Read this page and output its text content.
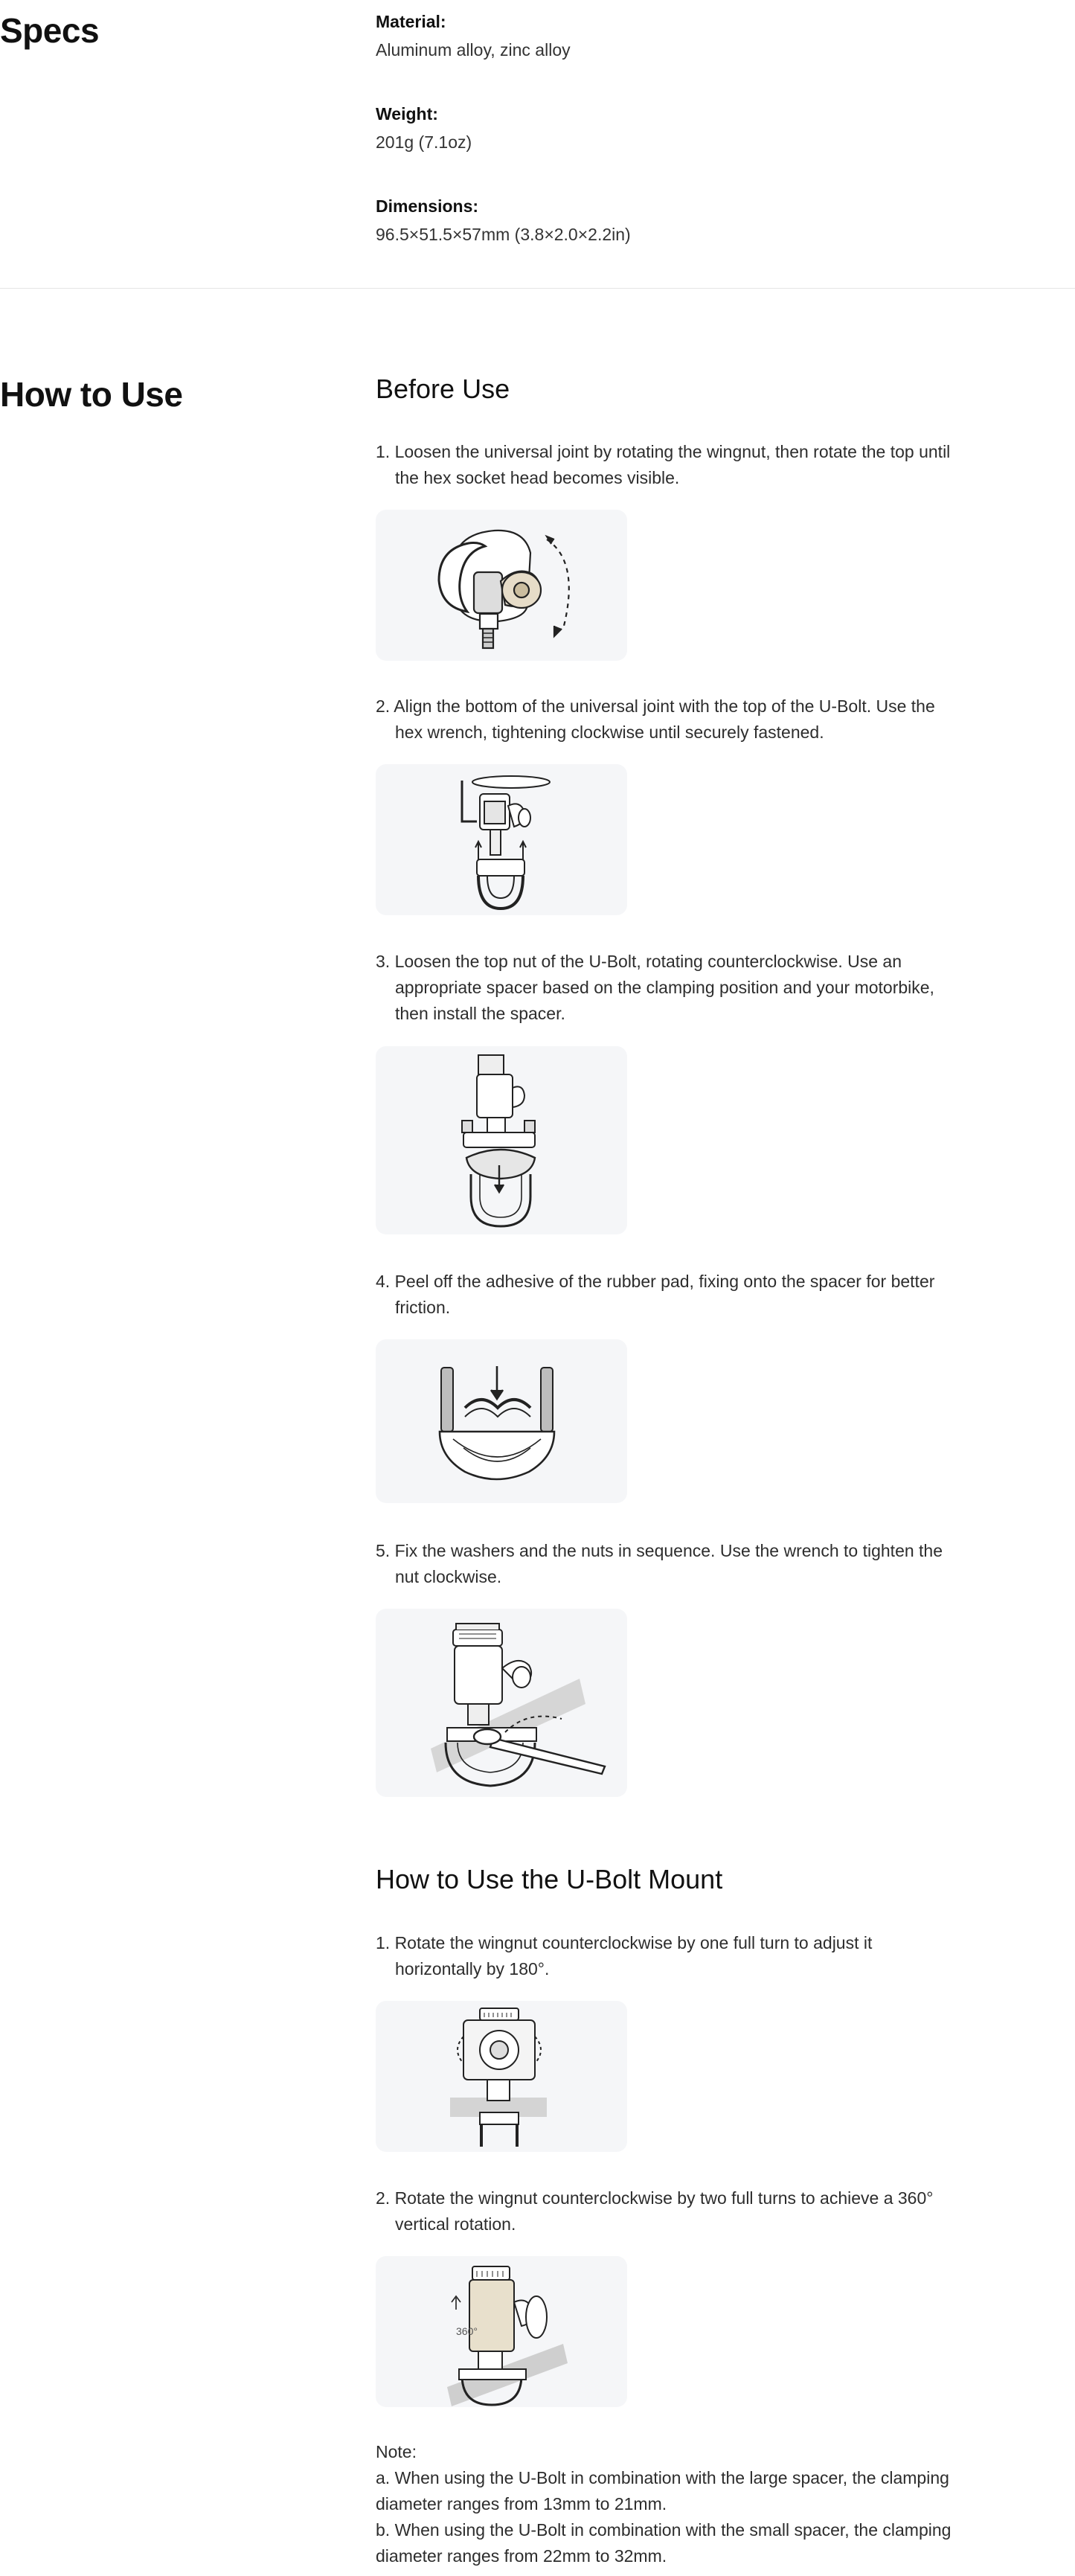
Specs	Material:
Aluminum alloy, zinc alloy
Weight:
201g (7.1oz)
Dimensions:
96.5×51.5×57mm (3.8×2.0×2.2in)
How to Use	Before Use
1. Loosen the universal joint by rotating the wingnut, then rotate the top until the hex socket head becomes visible.
2. Align the bottom of the universal joint with the top of the U-Bolt. Use the hex wrench, tightening clockwise until securely fastened.
3. Loosen the top nut of the U-Bolt, rotating counterclockwise. Use an appropriate spacer based on the clamping position and your motorbike, then install the spacer.
4. Peel off the adhesive of the rubber pad, fixing onto the spacer for better friction.
5. Fix the washers and the nuts in sequence. Use the wrench to tighten the nut clockwise.
How to Use the U-Bolt Mount
1. Rotate the wingnut counterclockwise by one full turn to adjust it horizontally by 180°.
2. Rotate the wingnut counterclockwise by two full turns to achieve a 360° vertical rotation.
360°
Note:
a. When using the U-Bolt in combination with the large spacer, the clamping diameter ranges from 13mm to 21mm.
b. When using the U-Bolt in combination with the small spacer, the clamping diameter ranges from 22mm to 32mm.
